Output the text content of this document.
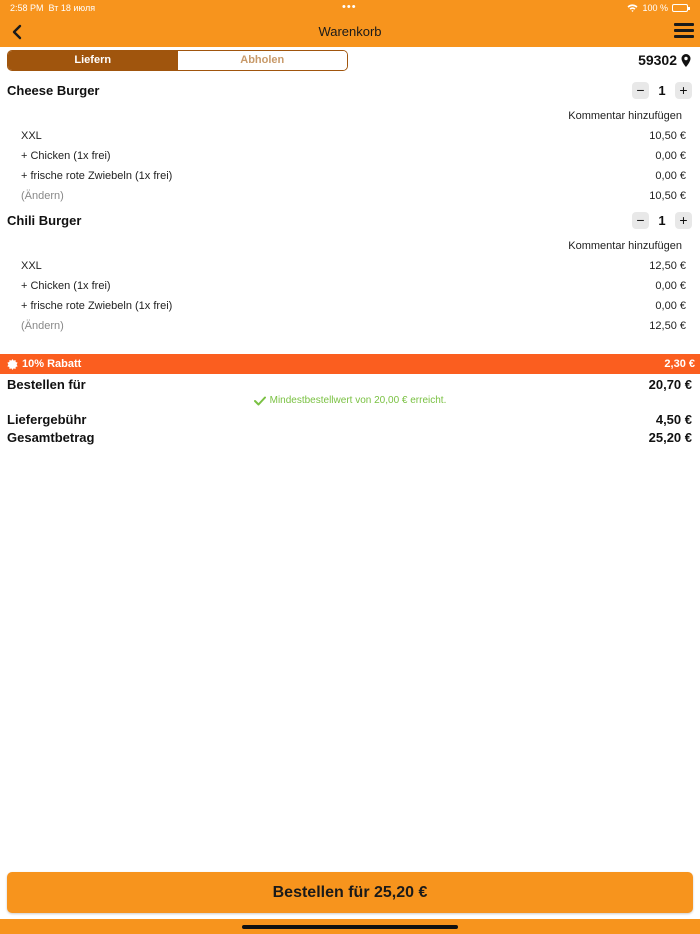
2:58 PM Вт 18 июля	•••	100 %
Warenkorb
Liefern	Abholen	59302
Cheese Burger	−	1 +
Kommentar hinzufügen
XXL	10,50 €
+ Chicken (1x frei)	0,00 €
+ frische rote Zwiebeln (1x frei)	0,00 €
(Ändern)	10,50 €
Chili Burger	−	1 +
Kommentar hinzufügen
XXL	12,50 €
+ Chicken (1x frei)	0,00 €
+ frische rote Zwiebeln (1x frei)	0,00 €
(Ändern)	12,50 €
10% Rabatt	2,30 €
Bestellen für	20,70 €
Mindestbestellwert von 20,00 € erreicht.
Liefergebühr	4,50 €
Gesamtbetrag	25,20 €
Bestellen für 25,20 €
